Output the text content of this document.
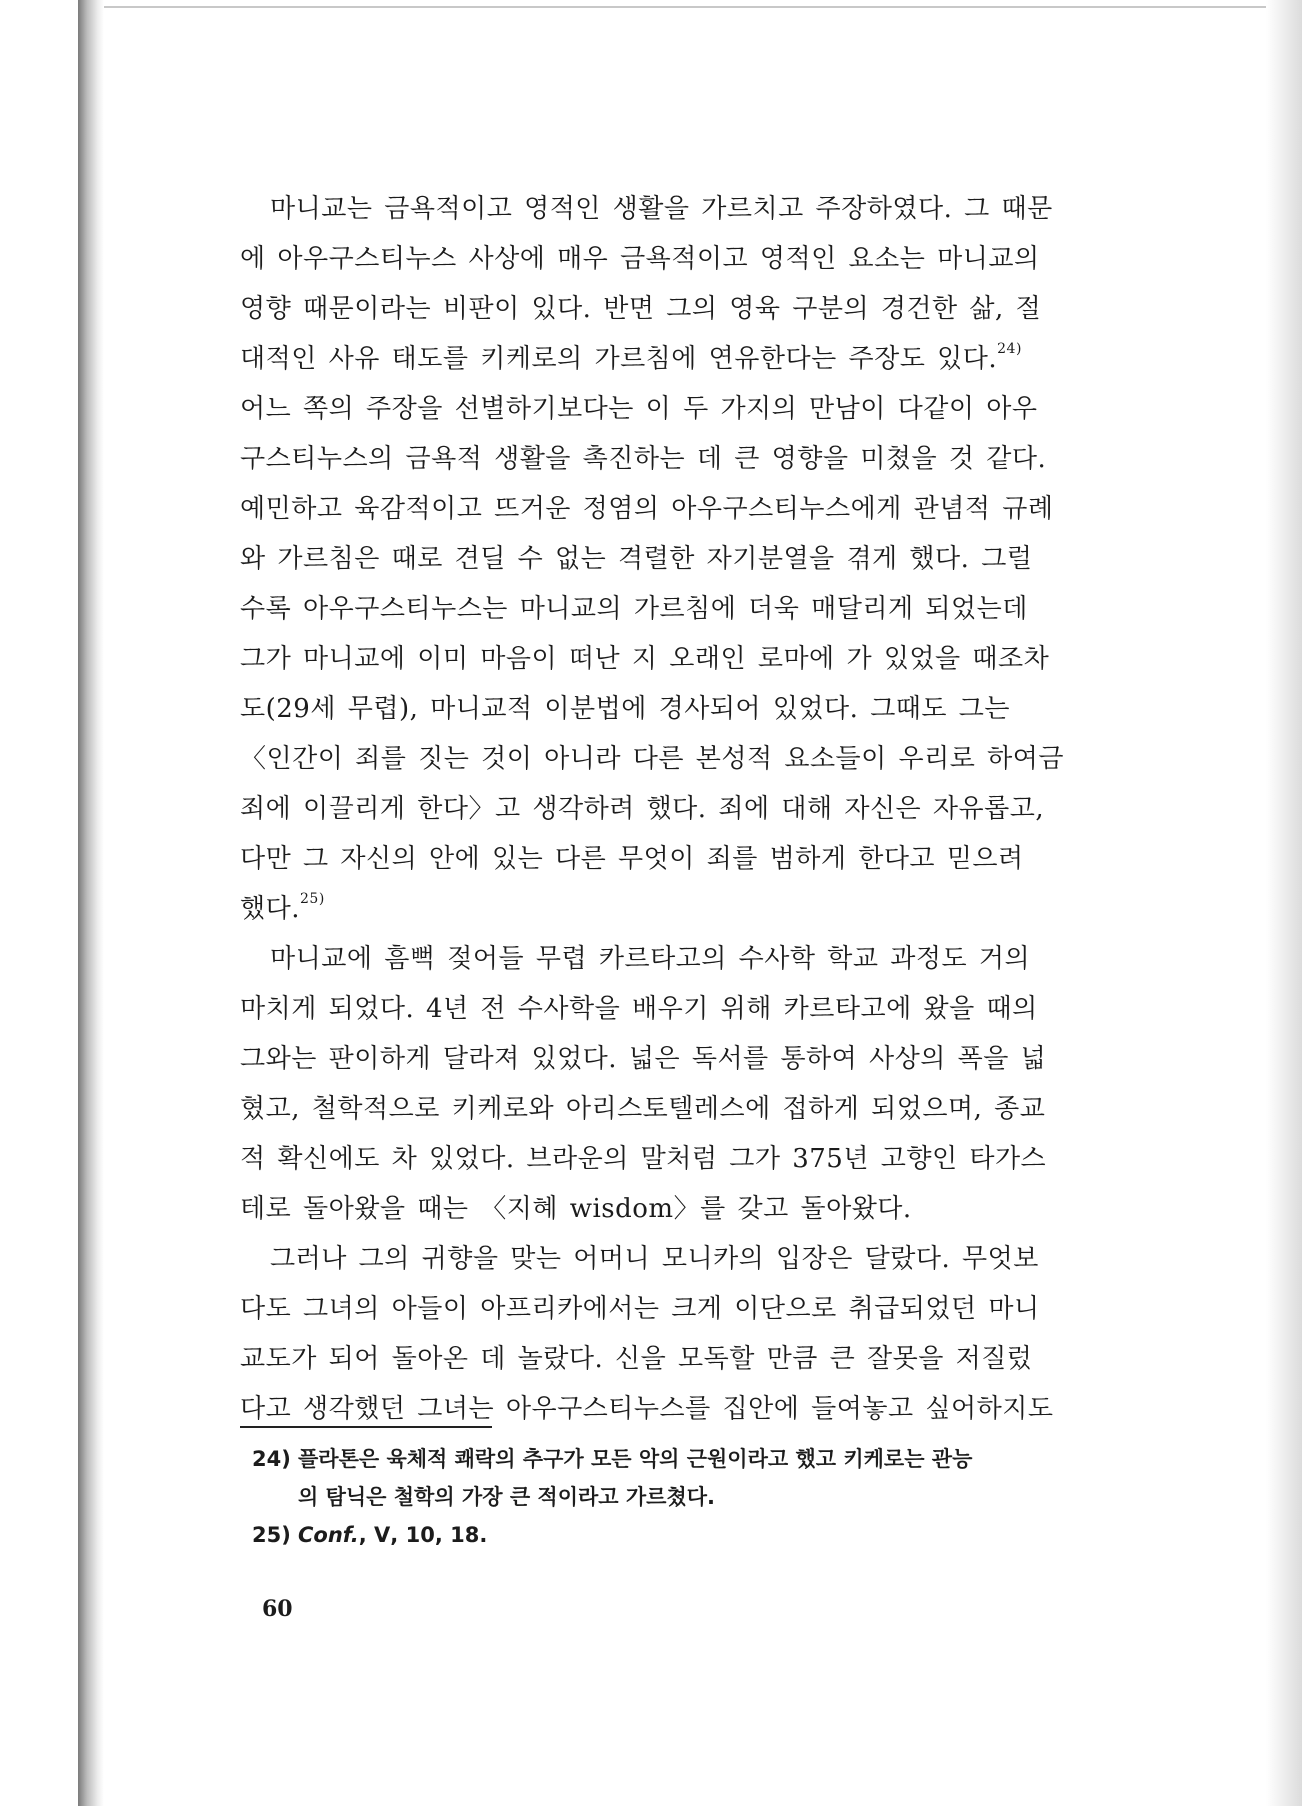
마니교는 금욕적이고 영적인 생활을 가르치고 주장하였다. 그 때문
에 아우구스티누스 사상에 매우 금욕적이고 영적인 요소는 마니교의
영향 때문이라는 비판이 있다. 반면 그의 영육 구분의 경건한 삶, 절
대적인 사유 태도를 키케로의 가르침에 연유한다는 주장도 있다.$^{24)}$
어느 쪽의 주장을 선별하기보다는 이 두 가지의 만남이 다같이 아우
구스티누스의 금욕적 생활을 촉진하는 데 큰 영향을 미쳤을 것 같다.
예민하고 육감적이고 뜨거운 정염의 아우구스티누스에게 관념적 규례
와 가르침은 때로 견딜 수 없는 격렬한 자기분열을 겪게 했다. 그럴
수록 아우구스티누스는 마니교의 가르침에 더욱 매달리게 되었는데
그가 마니교에 이미 마음이 떠난 지 오래인 로마에 가 있었을 때조차
도(29세 무렵), 마니교적 이분법에 경사되어 있었다. 그때도 그는
〈인간이 죄를 짓는 것이 아니라 다른 본성적 요소들이 우리로 하여금
죄에 이끌리게 한다〉고 생각하려 했다. 죄에 대해 자신은 자유롭고,
다만 그 자신의 안에 있는 다른 무엇이 죄를 범하게 한다고 믿으려
했다.$^{25)}$
마니교에 흠뻑 젖어들 무렵 카르타고의 수사학 학교 과정도 거의
마치게 되었다. 4년 전 수사학을 배우기 위해 카르타고에 왔을 때의
그와는 판이하게 달라져 있었다. 넓은 독서를 통하여 사상의 폭을 넓
혔고, 철학적으로 키케로와 아리스토텔레스에 접하게 되었으며, 종교
적 확신에도 차 있었다. 브라운의 말처럼 그가 375년 고향인 타가스
테로 돌아왔을 때는 〈지혜 wisdom〉를 갖고 돌아왔다.
그러나 그의 귀향을 맞는 어머니 모니카의 입장은 달랐다. 무엇보
다도 그녀의 아들이 아프리카에서는 크게 이단으로 취급되었던 마니
교도가 되어 돌아온 데 놀랐다. 신을 모독할 만큼 큰 잘못을 저질렀
다고 생각했던 그녀는 아우구스티누스를 집안에 들여놓고 싶어하지도
24) 플라톤은 육체적 쾌락의 추구가 모든 악의 근원이라고 했고 키케로는 관능
의 탐닉은 철학의 가장 큰 적이라고 가르쳤다.
25) Conf., Ⅴ, 10, 18.
60
